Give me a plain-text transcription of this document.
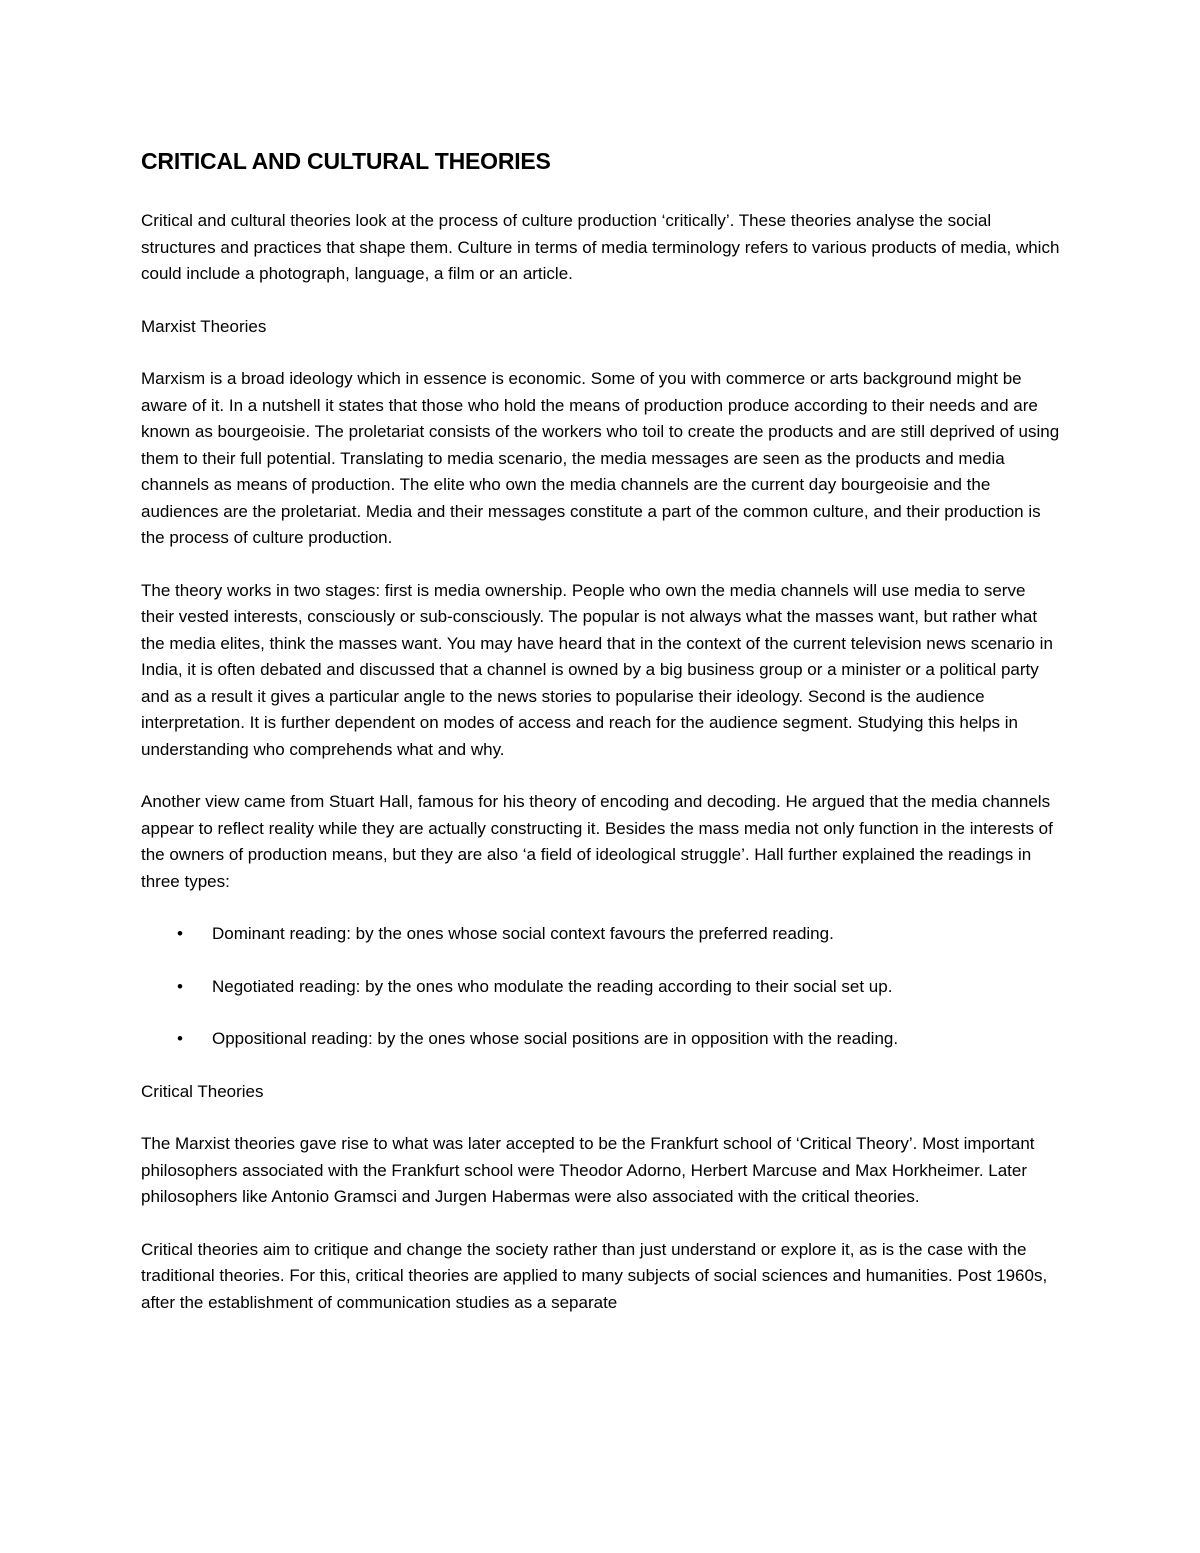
CRITICAL AND CULTURAL THEORIES

Critical and cultural theories look at the process of culture production ‘critically’. These theories analyse the social structures and practices that shape them. Culture in terms of media terminology refers to various products of media, which could include a photograph, language, a film or an article.

Marxist Theories

Marxism is a broad ideology which in essence is economic. Some of you with commerce or arts background might be aware of it. In a nutshell it states that those who hold the means of production produce according to their needs and are known as bourgeoisie. The proletariat consists of the workers who toil to create the products and are still deprived of using them to their full potential. Translating to media scenario, the media messages are seen as the products and media channels as means of production. The elite who own the media channels are the current day bourgeoisie and the audiences are the proletariat. Media and their messages constitute a part of the common culture, and their production is the process of culture production.

The theory works in two stages: first is media ownership. People who own the media channels will use media to serve their vested interests, consciously or sub-consciously. The popular is not always what the masses want, but rather what the media elites, think the masses want. You may have heard that in the context of the current television news scenario in India, it is often debated and discussed that a channel is owned by a big business group or a minister or a political party and as a result it gives a particular angle to the news stories to popularise their ideology. Second is the audience interpretation. It is further dependent on modes of access and reach for the audience segment. Studying this helps in understanding who comprehends what and why.

Another view came from Stuart Hall, famous for his theory of encoding and decoding. He argued that the media channels appear to reflect reality while they are actually constructing it. Besides the mass media not only function in the interests of the owners of production means, but they are also ‘a field of ideological struggle’. Hall further explained the readings in three types:

• Dominant reading: by the ones whose social context favours the preferred reading.
• Negotiated reading: by the ones who modulate the reading according to their social set up.
• Oppositional reading: by the ones whose social positions are in opposition with the reading.

Critical Theories

The Marxist theories gave rise to what was later accepted to be the Frankfurt school of ‘Critical Theory’. Most important philosophers associated with the Frankfurt school were Theodor Adorno, Herbert Marcuse and Max Horkheimer. Later philosophers like Antonio Gramsci and Jurgen Habermas were also associated with the critical theories.

Critical theories aim to critique and change the society rather than just understand or explore it, as is the case with the traditional theories. For this, critical theories are applied to many subjects of social sciences and humanities. Post 1960s, after the establishment of communication studies as a separate
